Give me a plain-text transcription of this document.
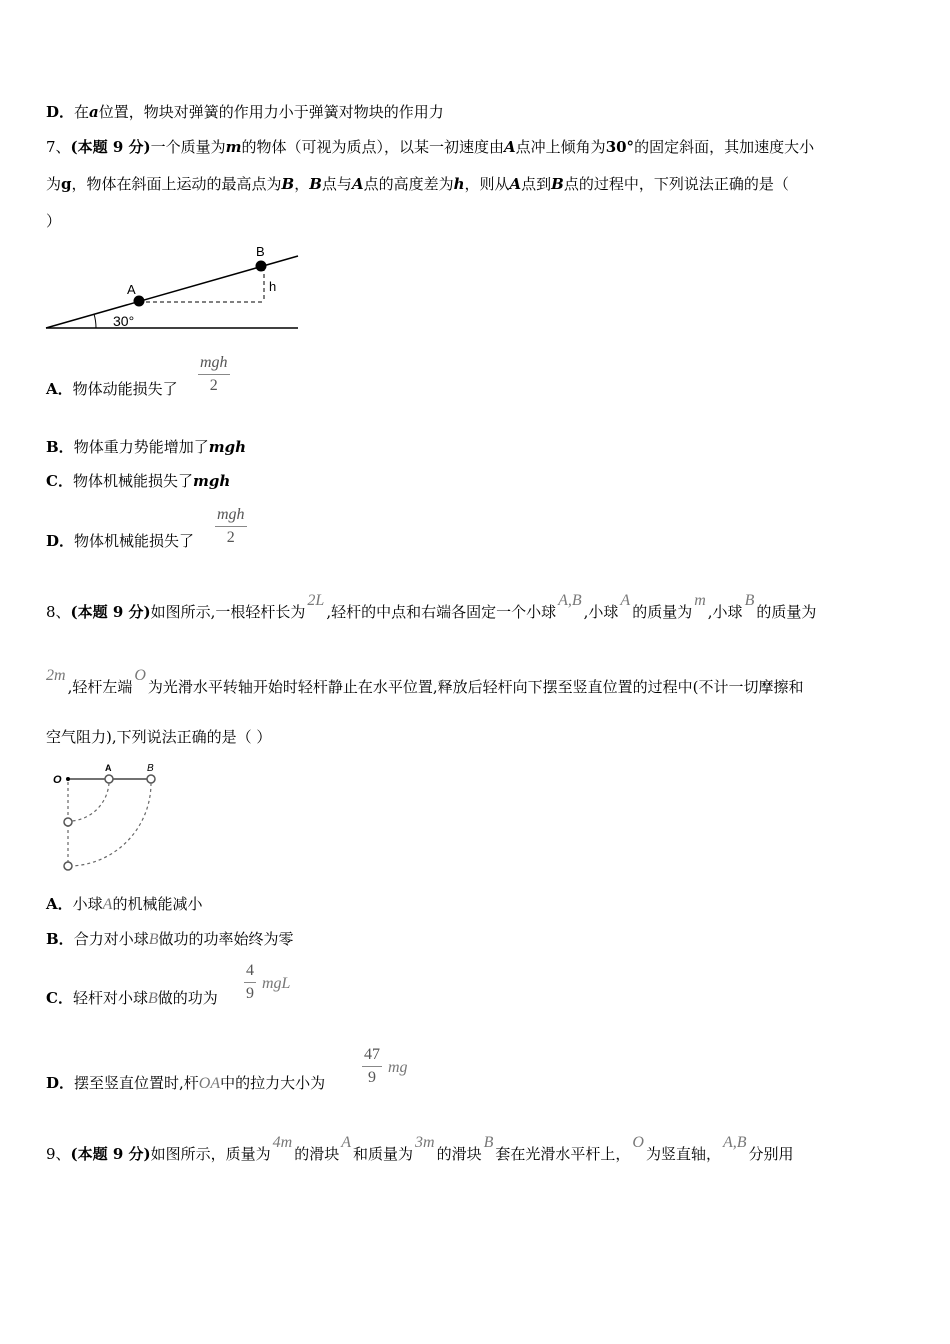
D．在a位置，物块对弹簧的作用力小于弹簧对物块的作用力
7、(本题 9 分)一个质量为m的物体（可视为质点），以某一初速度由A点冲上倾角为30°的固定斜面，其加速度大小
为g，物体在斜面上运动的最高点为B，B点与A点的高度差为h，则从A点到B点的过程中，下列说法正确的是（
）
A
B
h
30°
A．物体动能损失了
mgh
2
B．物体重力势能增加了mgh
C．物体机械能损失了mgh
D．物体机械能损失了
mgh
2
8、(本题 9 分)如图所示,一根轻杆长为2L,轻杆的中点和右端各固定一个小球A,B,小球A的质量为m,小球B的质量为
2m,轻杆左端O为光滑水平转轴开始时轻杆静止在水平位置,释放后轻杆向下摆至竖直位置的过程中(不计一切摩擦和
空气阻力),下列说法正确的是（ ）
O
A	B
A．小球A的机械能减小
B．合力对小球B做功的功率始终为零
C．轻杆对小球B做的功为
4
9
mgL
D．摆至竖直位置时,杆OA中的拉力大小为
47
9
mg
9、(本题 9 分)如图所示，质量为4m的滑块A和质量为3m的滑块B套在光滑水平杆上，O为竖直轴，A,B分别用
